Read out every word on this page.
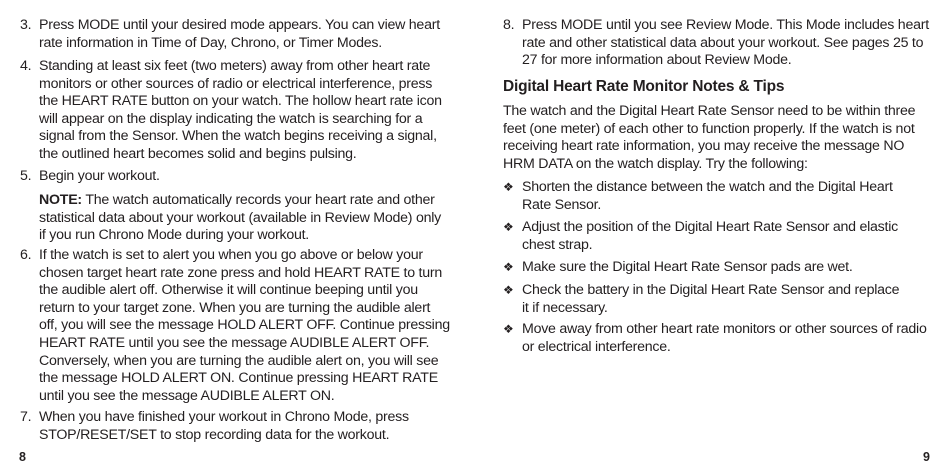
3. Press MODE until your desired mode appears. You can view heart rate information in Time of Day, Chrono, or Timer Modes.
4. Standing at least six feet (two meters) away from other heart rate monitors or other sources of radio or electrical interference, press the HEART RATE button on your watch. The hollow heart rate icon will appear on the display indicating the watch is searching for a signal from the Sensor. When the watch begins receiving a signal, the outlined heart becomes solid and begins pulsing.
5. Begin your workout.
NOTE: The watch automatically records your heart rate and other statistical data about your workout (available in Review Mode) only if you run Chrono Mode during your workout.
6. If the watch is set to alert you when you go above or below your chosen target heart rate zone press and hold HEART RATE to turn the audible alert off. Otherwise it will continue beeping until you return to your target zone. When you are turning the audible alert off, you will see the message HOLD ALERT OFF. Continue pressing HEART RATE until you see the message AUDIBLE ALERT OFF. Conversely, when you are turning the audible alert on, you will see the message HOLD ALERT ON. Continue pressing HEART RATE until you see the message AUDIBLE ALERT ON.
7. When you have finished your workout in Chrono Mode, press STOP/RESET/SET to stop recording data for the workout.
8
8. Press MODE until you see Review Mode. This Mode includes heart rate and other statistical data about your workout. See pages 25 to 27 for more information about Review Mode.
Digital Heart Rate Monitor Notes & Tips
The watch and the Digital Heart Rate Sensor need to be within three feet (one meter) of each other to function properly. If the watch is not receiving heart rate information, you may receive the message NO HRM DATA on the watch display. Try the following:
❖ Shorten the distance between the watch and the Digital Heart Rate Sensor.
❖ Adjust the position of the Digital Heart Rate Sensor and elastic chest strap.
❖ Make sure the Digital Heart Rate Sensor pads are wet.
❖ Check the battery in the Digital Heart Rate Sensor and replace it if necessary.
❖ Move away from other heart rate monitors or other sources of radio or electrical interference.
9
